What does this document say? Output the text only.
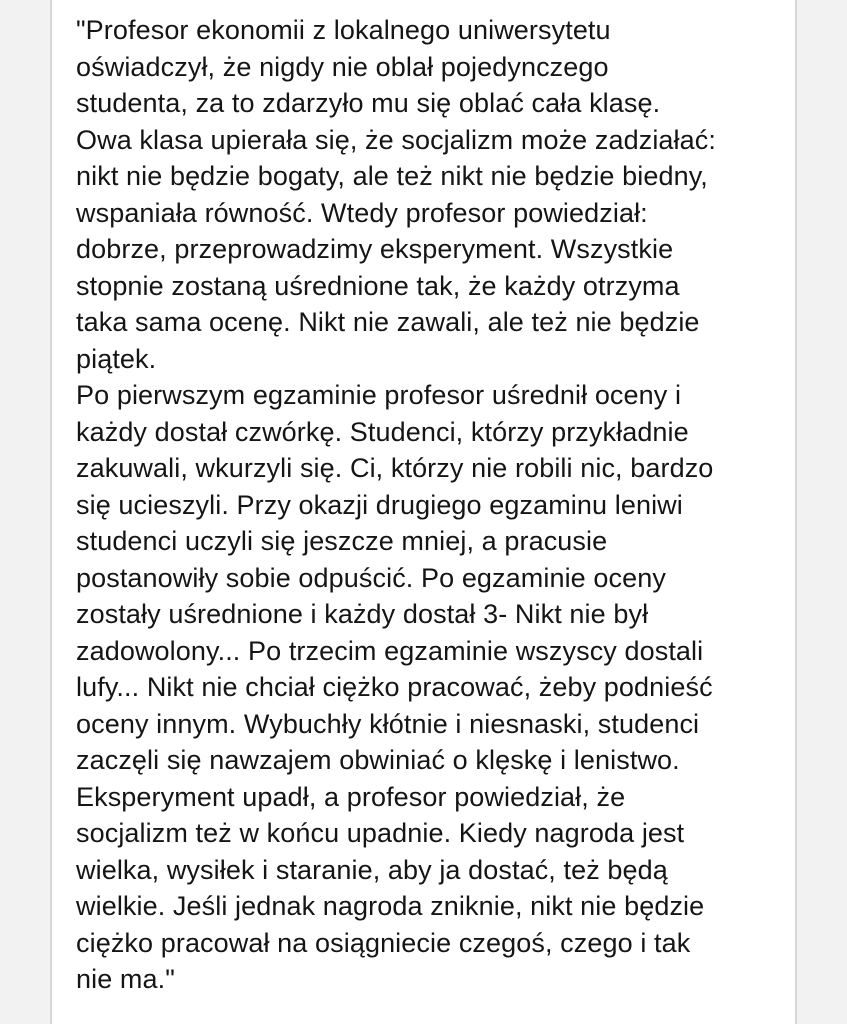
"Profesor ekonomii z lokalnego uniwersytetu
oświadczył, że nigdy nie oblał pojedynczego
studenta, za to zdarzyło mu się oblać cała klasę.
Owa klasa upierała się, że socjalizm może zadziałać:
nikt nie będzie bogaty, ale też nikt nie będzie biedny,
wspaniała równość. Wtedy profesor powiedział:
dobrze, przeprowadzimy eksperyment. Wszystkie
stopnie zostaną uśrednione tak, że każdy otrzyma
taka sama ocenę. Nikt nie zawali, ale też nie będzie
piątek.
Po pierwszym egzaminie profesor uśrednił oceny i
każdy dostał czwórkę. Studenci, którzy przykładnie
zakuwali, wkurzyli się. Ci, którzy nie robili nic, bardzo
się ucieszyli. Przy okazji drugiego egzaminu leniwi
studenci uczyli się jeszcze mniej, a pracusie
postanowiły sobie odpuścić. Po egzaminie oceny
zostały uśrednione i każdy dostał 3- Nikt nie był
zadowolony... Po trzecim egzaminie wszyscy dostali
lufy... Nikt nie chciał ciężko pracować, żeby podnieść
oceny innym. Wybuchły kłótnie i niesnaski, studenci
zaczęli się nawzajem obwiniać o klęskę i lenistwo.
Eksperyment upadł, a profesor powiedział, że
socjalizm też w końcu upadnie. Kiedy nagroda jest
wielka, wysiłek i staranie, aby ja dostać, też będą
wielkie. Jeśli jednak nagroda zniknie, nikt nie będzie
ciężko pracował na osiągniecie czegoś, czego i tak
nie ma."
